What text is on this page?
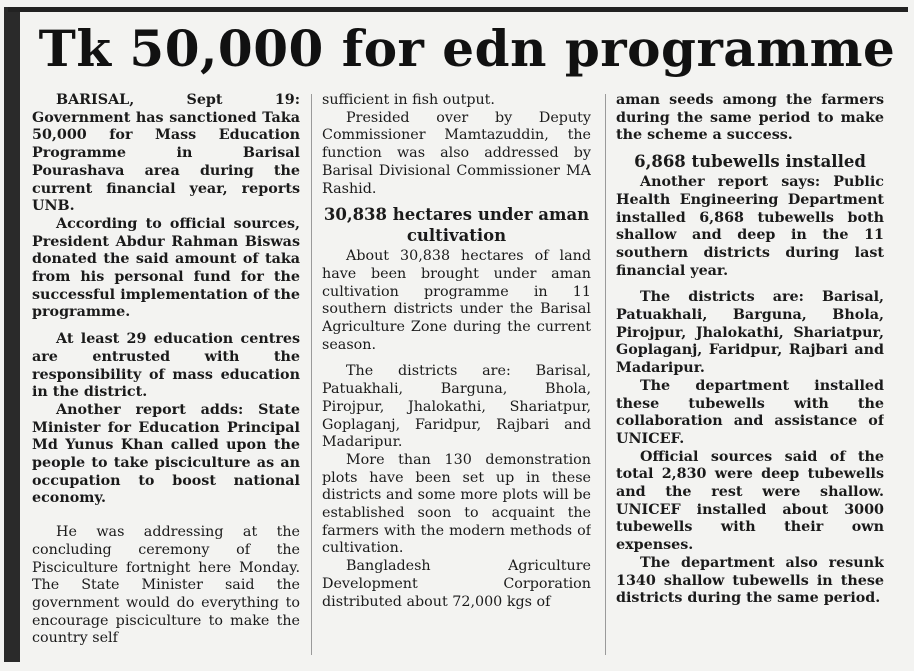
Tk 50,000 for edn programme

BARISAL, Sept 19: Government has sanctioned Taka 50,000 for Mass Education Programme in Barisal Pourashava area during the current financial year, reports UNB.

According to official sources, President Abdur Rahman Biswas donated the said amount of taka from his personal fund for the successful implementation of the programme.

At least 29 education centres are entrusted with the responsibility of mass education in the district.

Another report adds: State Minister for Education Principal Md Yunus Khan called upon the people to take pisciculture as an occupation to boost national economy.

He was addressing at the concluding ceremony of the Pisciculture fortnight here Monday. The State Minister said the government would do everything to encourage pisciculture to make the country self

sufficient in fish output.

Presided over by Deputy Commissioner Mamtazuddin, the function was also addressed by Barisal Divisional Commissioner MA Rashid.

30,838 hectares under aman cultivation

About 30,838 hectares of land have been brought under aman cultivation programme in 11 southern districts under the Barisal Agriculture Zone during the current season.

The districts are: Barisal, Patuakhali, Barguna, Bhola, Pirojpur, Jhalokathi, Shariatpur, Goplaganj, Faridpur, Rajbari and Madaripur.

More than 130 demonstration plots have been set up in these districts and some more plots will be established soon to acquaint the farmers with the modern methods of cultivation.

Bangladesh Agriculture Development Corporation distributed about 72,000 kgs of

aman seeds among the farmers during the same period to make the scheme a success.

6,868 tubewells installed

Another report says: Public Health Engineering Department installed 6,868 tubewells both shallow and deep in the 11 southern districts during last financial year.

The districts are: Barisal, Patuakhali, Barguna, Bhola, Pirojpur, Jhalokathi, Shariatpur, Goplaganj, Faridpur, Rajbari and Madaripur.

The department installed these tubewells with the collaboration and assistance of UNICEF.

Official sources said of the total 2,830 were deep tubewells and the rest were shallow. UNICEF installed about 3000 tubewells with their own expenses.

The department also resunk 1340 shallow tubewells in these districts during the same period.
